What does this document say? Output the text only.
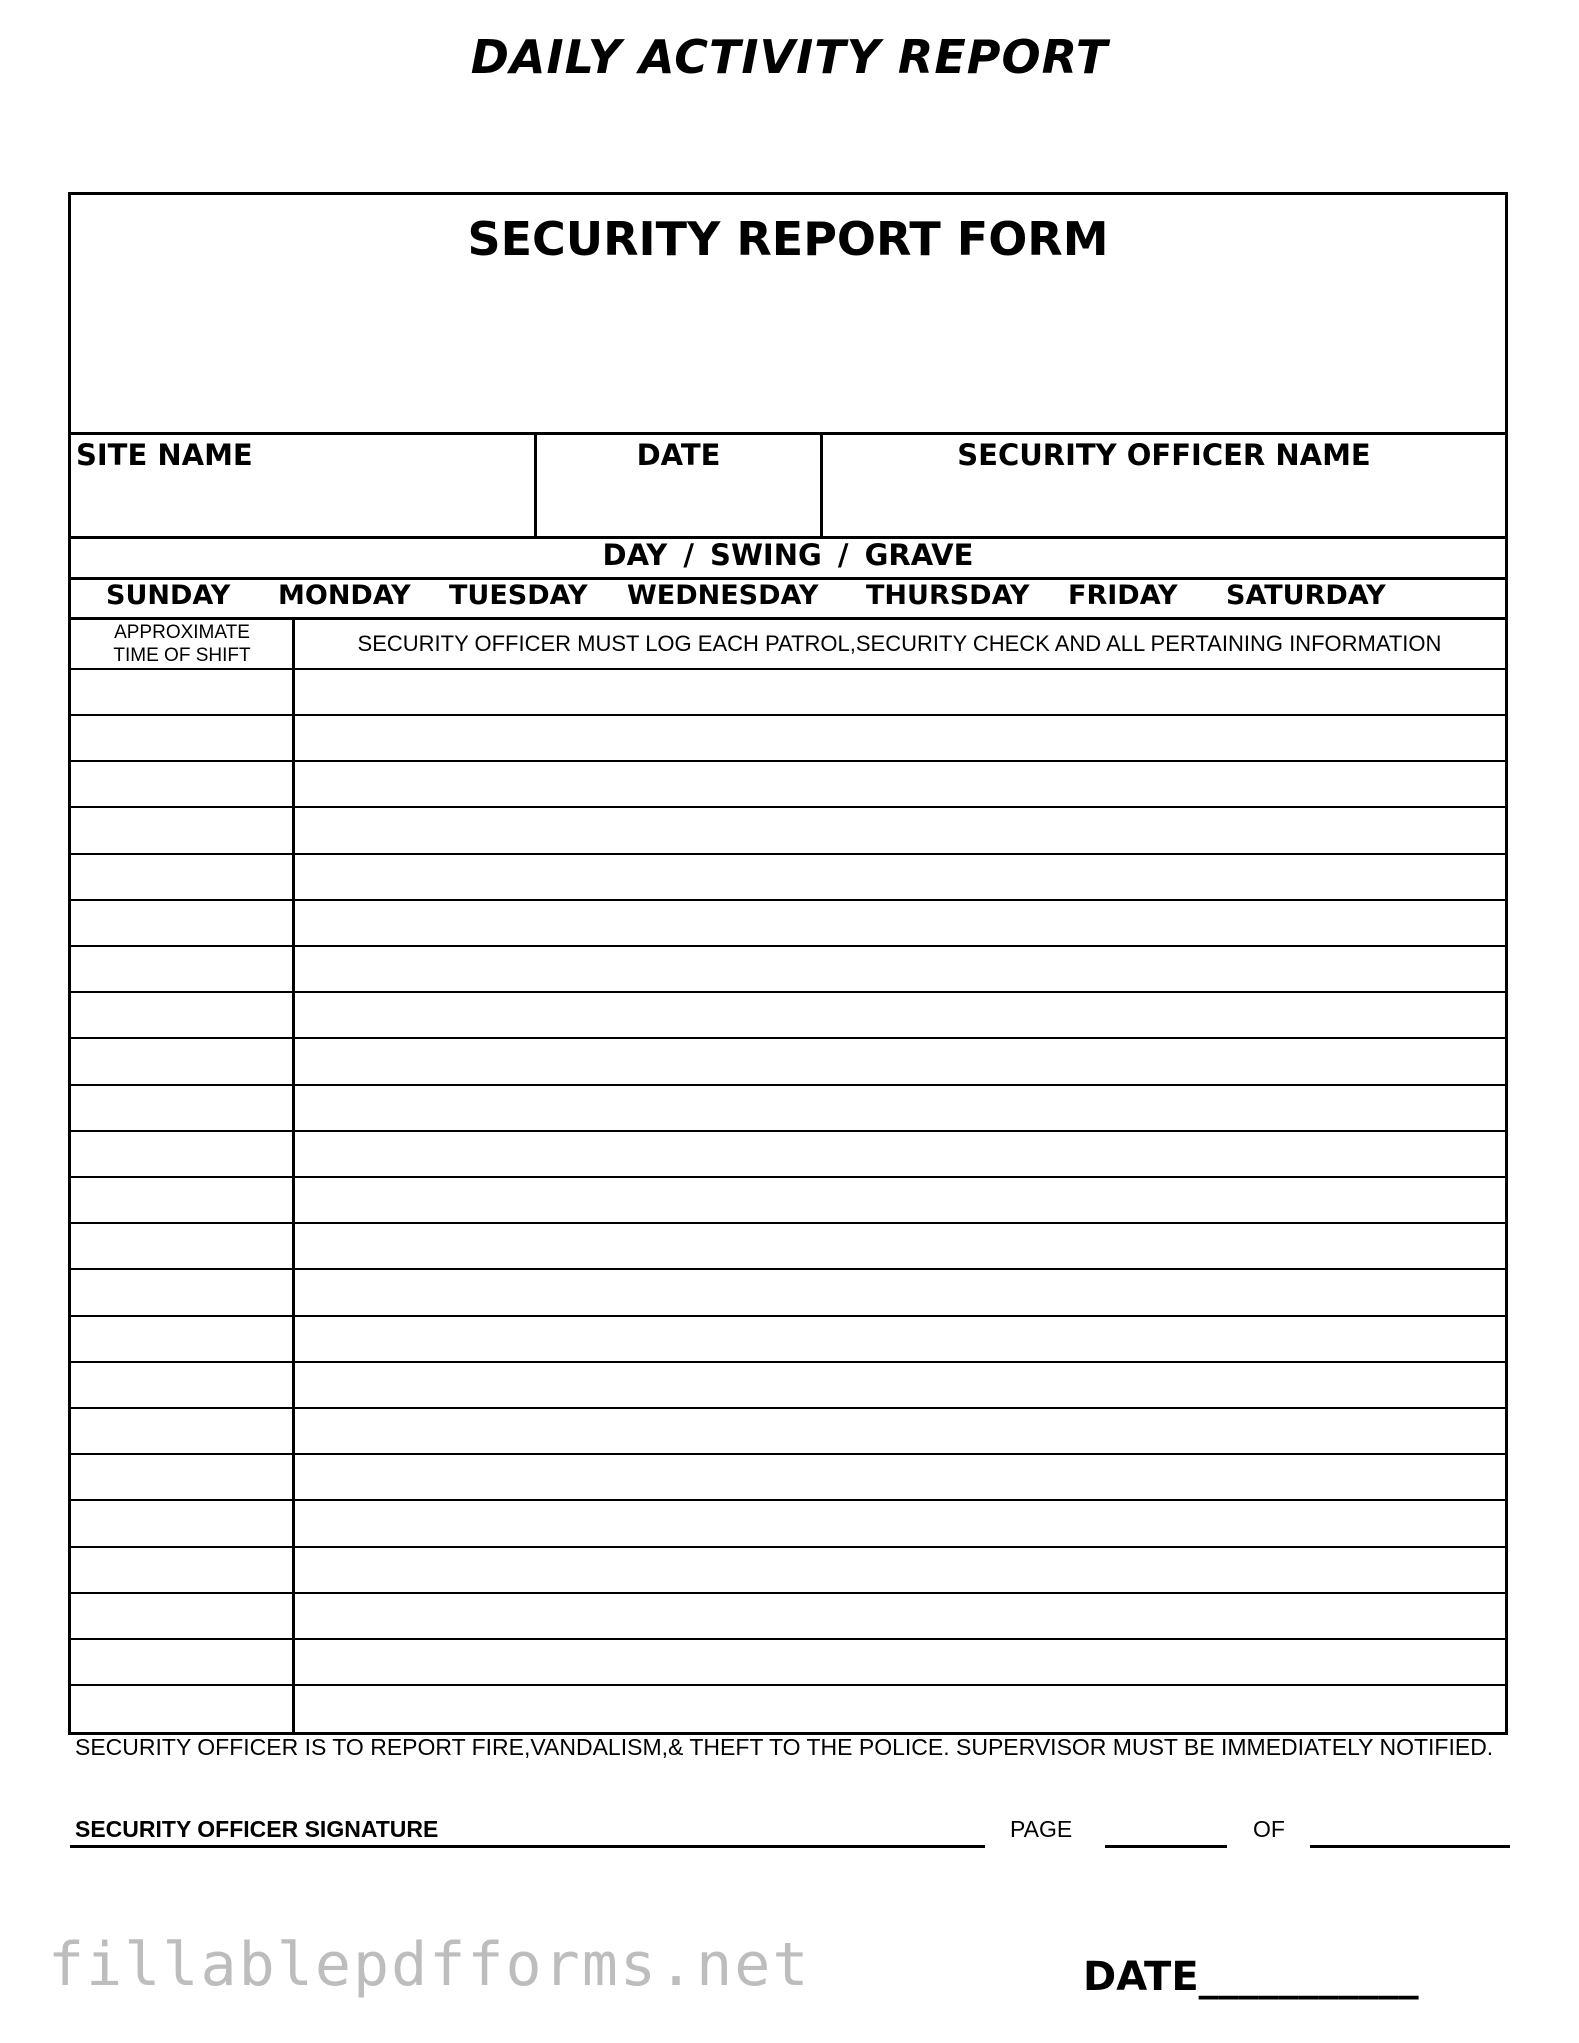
DAILY ACTIVITY REPORT
SECURITY REPORT FORM
SITE NAME	DATE	SECURITY OFFICER NAME
DAY / SWING / GRAVE
SUNDAY MONDAY TUESDAY WEDNESDAY THURSDAY FRIDAY SATURDAY
APPROXIMATE
TIME OF SHIFT	SECURITY OFFICER MUST LOG EACH PATROL,SECURITY CHECK AND ALL PERTAINING INFORMATION
SECURITY OFFICER IS TO REPORT FIRE,VANDALISM,& THEFT TO THE POLICE. SUPERVISOR MUST BE IMMEDIATELY NOTIFIED.
SECURITY OFFICER SIGNATURE	PAGE	OF
fillablepdfforms.net	DATE___________
